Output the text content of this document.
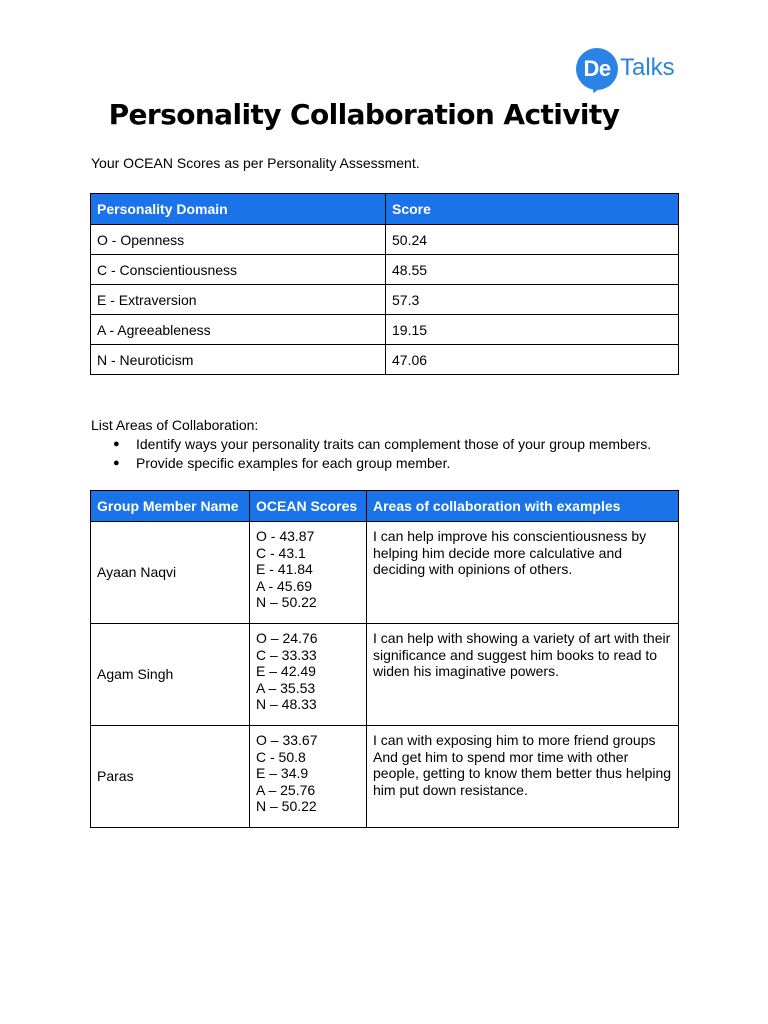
De Talks
Personality Collaboration Activity
Your OCEAN Scores as per Personality Assessment.
Personality Domain	Score
O - Openness	50.24
C - Conscientiousness	48.55
E - Extraversion	57.3
A - Agreeableness	19.15
N - Neuroticism	47.06
List Areas of Collaboration:
● Identify ways your personality traits can complement those of your group members.
● Provide specific examples for each group member.
Group Member Name	OCEAN Scores	Areas of collaboration with examples
Ayaan Naqvi	O - 43.87
C - 43.1
E - 41.84
A - 45.69
N – 50.22	I can help improve his conscientiousness by helping him decide more calculative and deciding with opinions of others.
Agam Singh	O – 24.76
C – 33.33
E – 42.49
A – 35.53
N – 48.33	I can help with showing a variety of art with their significance and suggest him books to read to widen his imaginative powers.
Paras	O – 33.67
C - 50.8
E – 34.9
A – 25.76
N – 50.22	I can with exposing him to more friend groups And get him to spend mor time with other people, getting to know them better thus helping him put down resistance.
